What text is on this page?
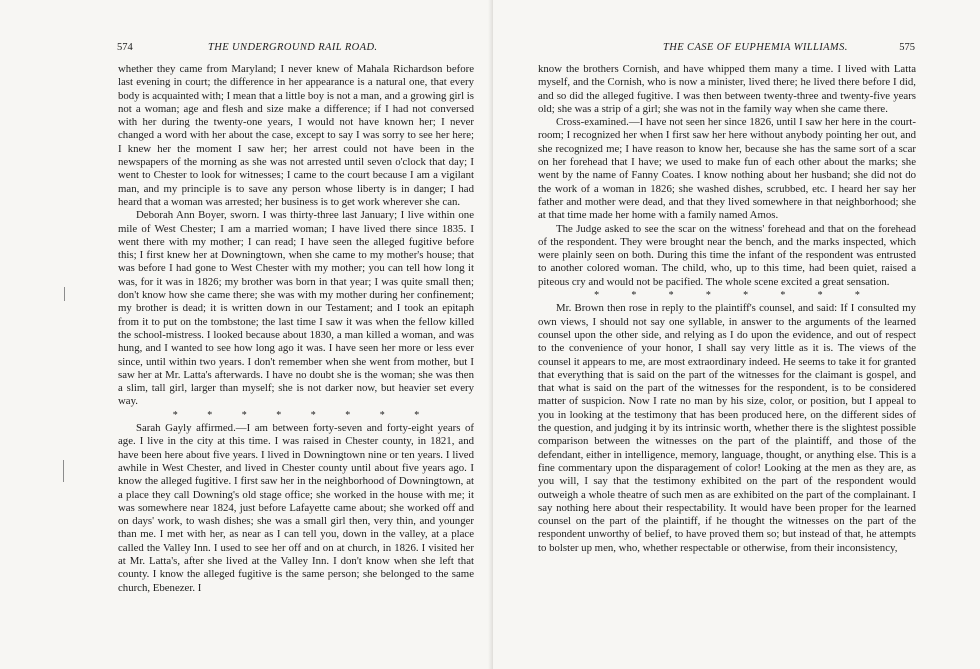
574	THE UNDERGROUND RAIL ROAD.

whether they came from Maryland; I never knew of Mahala Richardson before last evening in court; the difference in her appearance is a natural one, that every body is acquainted with; I mean that a little boy is not a man, and a growing girl is not a woman; age and flesh and size make a difference; if I had not conversed with her during the twenty-one years, I would not have known her; I never changed a word with her about the case, except to say I was sorry to see her here; I knew her the moment I saw her; her arrest could not have been in the newspapers of the morning as she was not arrested until seven o'clock that day; I went to Chester to look for witnesses; I came to the court because I am a vigilant man, and my principle is to save any person whose liberty is in danger; I had heard that a woman was arrested; her business is to get work wherever she can.

Deborah Ann Boyer, sworn. I was thirty-three last January; I live within one mile of West Chester; I am a married woman; I have lived there since 1835. I went there with my mother; I can read; I have seen the alleged fugitive before this; I first knew her at Downingtown, when she came to my mother's house; that was before I had gone to West Chester with my mother; you can tell how long it was, for it was in 1826; my brother was born in that year; I was quite small then; don't know how she came there; she was with my mother during her confinement; my brother is dead; it is written down in our Testament; and I took an epitaph from it to put on the tombstone; the last time I saw it was when the fellow killed the school-mistress. I looked because about 1830, a man killed a woman, and was hung, and I wanted to see how long ago it was. I have seen her more or less ever since, until within two years. I don't remember when she went from mother, but I saw her at Mr. Latta's afterwards. I have no doubt she is the woman; she was then a slim, tall girl, larger than myself; she is not darker now, but heavier set every way.

*	*	*	*	*	*	*	*

Sarah Gayly affirmed.—I am between forty-seven and forty-eight years of age. I live in the city at this time. I was raised in Chester county, in 1821, and have been here about five years. I lived in Downingtown nine or ten years. I lived awhile in West Chester, and lived in Chester county until about five years ago. I know the alleged fugitive. I first saw her in the neighborhood of Downingtown, at a place they call Downing's old stage office; she worked in the house with me; it was somewhere near 1824, just before Lafayette came about; she worked off and on days' work, to wash dishes; she was a small girl then, very thin, and younger than me. I met with her, as near as I can tell you, down in the valley, at a place called the Valley Inn. I used to see her off and on at church, in 1826. I visited her at Mr. Latta's, after she lived at the Valley Inn. I don't know when she left that county. I know the alleged fugitive is the same person; she belonged to the same church, Ebenezer. I

THE CASE OF EUPHEMIA WILLIAMS.	575

know the brothers Cornish, and have whipped them many a time. I lived with Latta myself, and the Cornish, who is now a minister, lived there; he lived there before I did, and so did the alleged fugitive. I was then between twenty-three and twenty-five years old; she was a strip of a girl; she was not in the family way when she came there.

Cross-examined.—I have not seen her since 1826, until I saw her here in the court-room; I recognized her when I first saw her here without anybody pointing her out, and she recognized me; I have reason to know her, because she has the same sort of a scar on her forehead that I have; we used to make fun of each other about the marks; she went by the name of Fanny Coates. I know nothing about her husband; she did not do the work of a woman in 1826; she washed dishes, scrubbed, etc. I heard her say her father and mother were dead, and that they lived somewhere in that neighborhood; she at that time made her home with a family named Amos.

The Judge asked to see the scar on the witness' forehead and that on the forehead of the respondent. They were brought near the bench, and the marks inspected, which were plainly seen on both. During this time the infant of the respondent was entrusted to another colored woman. The child, who, up to this time, had been quiet, raised a piteous cry and would not be pacified. The whole scene excited a great sensation.

*	*	*	*	*	*	*	*

Mr. Brown then rose in reply to the plaintiff's counsel, and said: If I consulted my own views, I should not say one syllable, in answer to the arguments of the learned counsel upon the other side, and relying as I do upon the evidence, and out of respect to the convenience of your honor, I shall say very little as it is. The views of the counsel it appears to me, are most extraordinary indeed. He seems to take it for granted that everything that is said on the part of the witnesses for the claimant is gospel, and that what is said on the part of the witnesses for the respondent, is to be considered matter of suspicion. Now I rate no man by his size, color, or position, but I appeal to you in looking at the testimony that has been produced here, on the different sides of the question, and judging it by its intrinsic worth, whether there is the slightest possible comparison between the witnesses on the part of the plaintiff, and those of the defendant, either in intelligence, memory, language, thought, or anything else. This is a fine commentary upon the disparagement of color! Looking at the men as they are, as you will, I say that the testimony exhibited on the part of the respondent would outweigh a whole theatre of such men as are exhibited on the part of the complainant. I say nothing here about their respectability. It would have been proper for the learned counsel on the part of the plaintiff, if he thought the witnesses on the part of the respondent unworthy of belief, to have proved them so; but instead of that, he attempts to bolster up men, who, whether respectable or otherwise, from their inconsistency,
